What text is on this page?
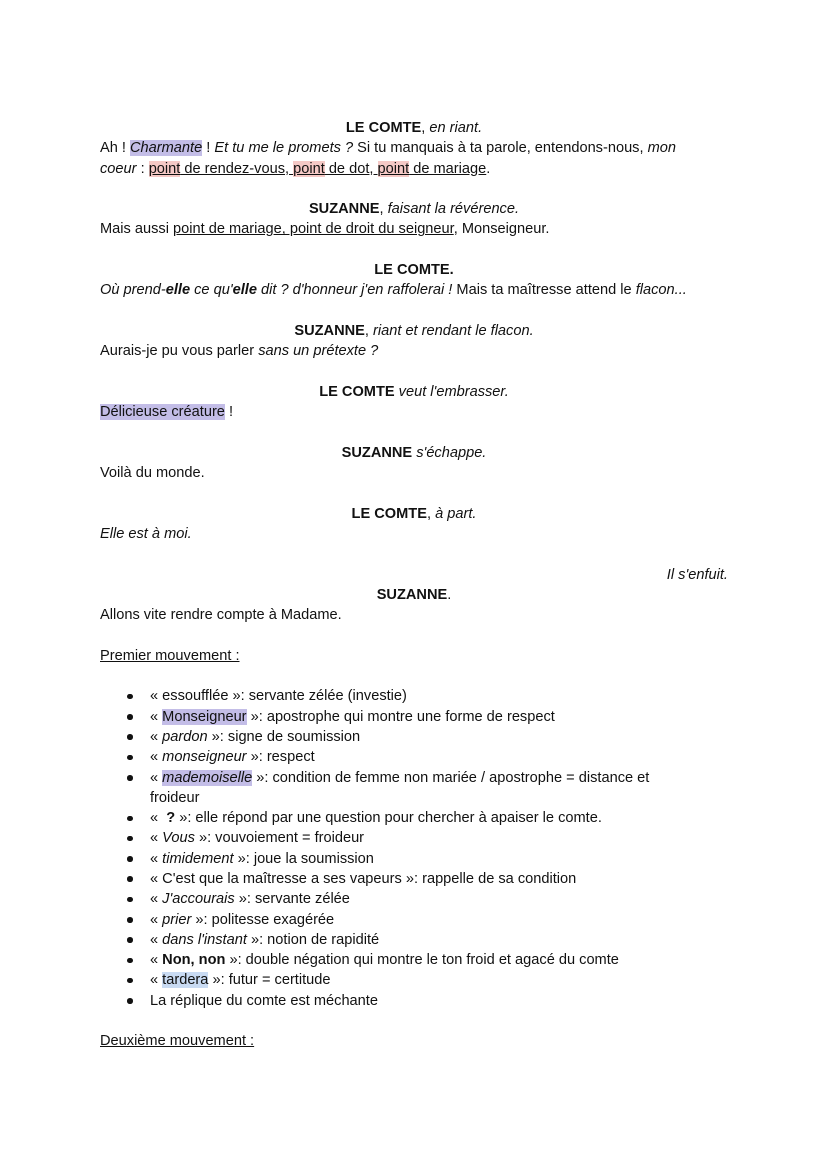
LE COMTE, en riant.
Ah ! Charmante ! Et tu me le promets ? Si tu manquais à ta parole, entendons-nous, mon
coeur : point de rendez-vous, point de dot, point de mariage.
SUZANNE, faisant la révérence.
Mais aussi point de mariage, point de droit du seigneur, Monseigneur.
LE COMTE.
Où prend-elle ce qu'elle dit ? d'honneur j'en raffolerai ! Mais ta maîtresse attend le flacon...
SUZANNE, riant et rendant le flacon.
Aurais-je pu vous parler sans un prétexte ?
LE COMTE veut l'embrasser.
Délicieuse créature !
SUZANNE s'échappe.
Voilà du monde.
LE COMTE, à part.
Elle est à moi.
Il s'enfuit.
SUZANNE.
Allons vite rendre compte à Madame.
Premier mouvement :
« essoufflée »: servante zélée (investie)
« Monseigneur »: apostrophe qui montre une forme de respect
« pardon »: signe de soumission
« monseigneur »: respect
« mademoiselle »: condition de femme non mariée / apostrophe = distance et
froideur
«  ? »: elle répond par une question pour chercher à apaiser le comte.
« Vous »: vouvoiement = froideur
« timidement »: joue la soumission
« C'est que la maîtresse a ses vapeurs »: rappelle de sa condition
« J'accourais »: servante zélée
« prier »: politesse exagérée
« dans l'instant »: notion de rapidité
« Non, non »: double négation qui montre le ton froid et agacé du comte
« tardera »: futur = certitude
La réplique du comte est méchante
Deuxième mouvement :
